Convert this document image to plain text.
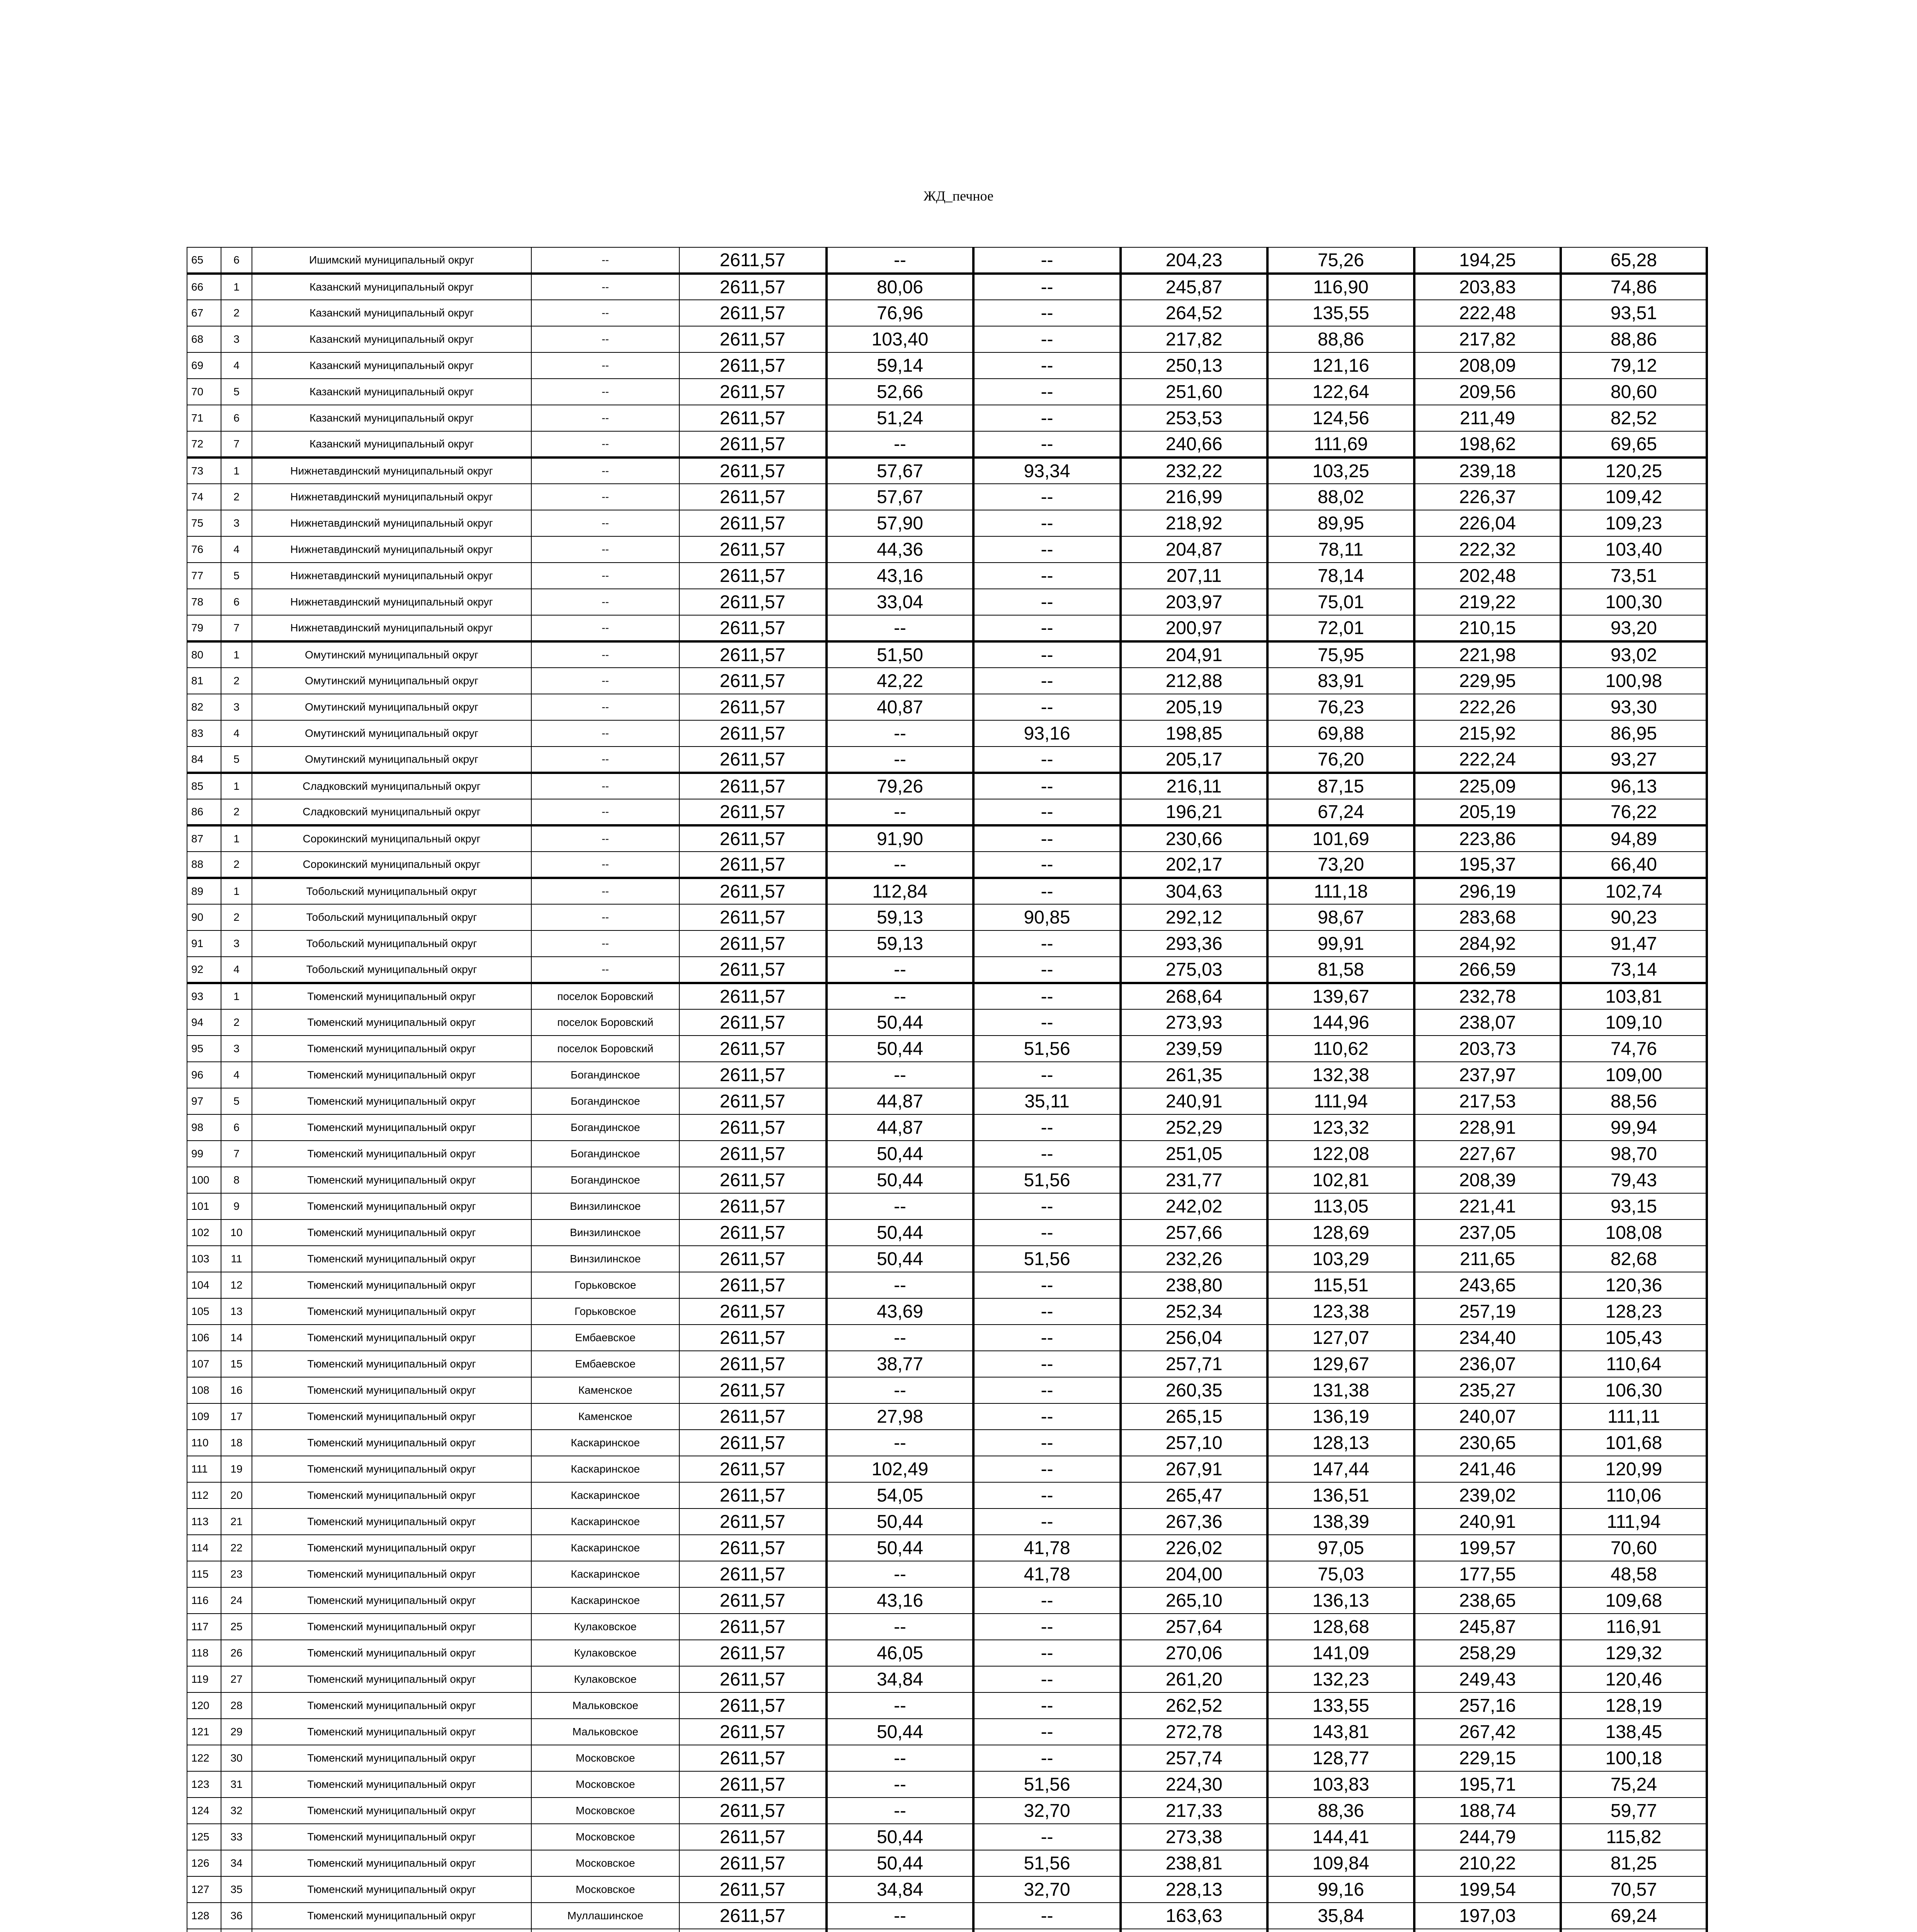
ЖД_печное
65	6	Ишимский муниципальный округ	--	2611,57	--	--	204,23	75,26	194,25	65,28
66	1	Казанский муниципальный округ	--	2611,57	80,06	--	245,87	116,90	203,83	74,86
67	2	Казанский муниципальный округ	--	2611,57	76,96	--	264,52	135,55	222,48	93,51
68	3	Казанский муниципальный округ	--	2611,57	103,40	--	217,82	88,86	217,82	88,86
69	4	Казанский муниципальный округ	--	2611,57	59,14	--	250,13	121,16	208,09	79,12
70	5	Казанский муниципальный округ	--	2611,57	52,66	--	251,60	122,64	209,56	80,60
71	6	Казанский муниципальный округ	--	2611,57	51,24	--	253,53	124,56	211,49	82,52
72	7	Казанский муниципальный округ	--	2611,57	--	--	240,66	111,69	198,62	69,65
73	1	Нижнетавдинский муниципальный округ	--	2611,57	57,67	93,34	232,22	103,25	239,18	120,25
74	2	Нижнетавдинский муниципальный округ	--	2611,57	57,67	--	216,99	88,02	226,37	109,42
75	3	Нижнетавдинский муниципальный округ	--	2611,57	57,90	--	218,92	89,95	226,04	109,23
76	4	Нижнетавдинский муниципальный округ	--	2611,57	44,36	--	204,87	78,11	222,32	103,40
77	5	Нижнетавдинский муниципальный округ	--	2611,57	43,16	--	207,11	78,14	202,48	73,51
78	6	Нижнетавдинский муниципальный округ	--	2611,57	33,04	--	203,97	75,01	219,22	100,30
79	7	Нижнетавдинский муниципальный округ	--	2611,57	--	--	200,97	72,01	210,15	93,20
80	1	Омутинский муниципальный округ	--	2611,57	51,50	--	204,91	75,95	221,98	93,02
81	2	Омутинский муниципальный округ	--	2611,57	42,22	--	212,88	83,91	229,95	100,98
82	3	Омутинский муниципальный округ	--	2611,57	40,87	--	205,19	76,23	222,26	93,30
83	4	Омутинский муниципальный округ	--	2611,57	--	93,16	198,85	69,88	215,92	86,95
84	5	Омутинский муниципальный округ	--	2611,57	--	--	205,17	76,20	222,24	93,27
85	1	Сладковский муниципальный округ	--	2611,57	79,26	--	216,11	87,15	225,09	96,13
86	2	Сладковский муниципальный округ	--	2611,57	--	--	196,21	67,24	205,19	76,22
87	1	Сорокинский муниципальный округ	--	2611,57	91,90	--	230,66	101,69	223,86	94,89
88	2	Сорокинский муниципальный округ	--	2611,57	--	--	202,17	73,20	195,37	66,40
89	1	Тобольский муниципальный округ	--	2611,57	112,84	--	304,63	111,18	296,19	102,74
90	2	Тобольский муниципальный округ	--	2611,57	59,13	90,85	292,12	98,67	283,68	90,23
91	3	Тобольский муниципальный округ	--	2611,57	59,13	--	293,36	99,91	284,92	91,47
92	4	Тобольский муниципальный округ	--	2611,57	--	--	275,03	81,58	266,59	73,14
93	1	Тюменский муниципальный округ	поселок Боровский	2611,57	--	--	268,64	139,67	232,78	103,81
94	2	Тюменский муниципальный округ	поселок Боровский	2611,57	50,44	--	273,93	144,96	238,07	109,10
95	3	Тюменский муниципальный округ	поселок Боровский	2611,57	50,44	51,56	239,59	110,62	203,73	74,76
96	4	Тюменский муниципальный округ	Богандинское	2611,57	--	--	261,35	132,38	237,97	109,00
97	5	Тюменский муниципальный округ	Богандинское	2611,57	44,87	35,11	240,91	111,94	217,53	88,56
98	6	Тюменский муниципальный округ	Богандинское	2611,57	44,87	--	252,29	123,32	228,91	99,94
99	7	Тюменский муниципальный округ	Богандинское	2611,57	50,44	--	251,05	122,08	227,67	98,70
100	8	Тюменский муниципальный округ	Богандинское	2611,57	50,44	51,56	231,77	102,81	208,39	79,43
101	9	Тюменский муниципальный округ	Винзилинское	2611,57	--	--	242,02	113,05	221,41	93,15
102	10	Тюменский муниципальный округ	Винзилинское	2611,57	50,44	--	257,66	128,69	237,05	108,08
103	11	Тюменский муниципальный округ	Винзилинское	2611,57	50,44	51,56	232,26	103,29	211,65	82,68
104	12	Тюменский муниципальный округ	Горьковское	2611,57	--	--	238,80	115,51	243,65	120,36
105	13	Тюменский муниципальный округ	Горьковское	2611,57	43,69	--	252,34	123,38	257,19	128,23
106	14	Тюменский муниципальный округ	Ембаевское	2611,57	--	--	256,04	127,07	234,40	105,43
107	15	Тюменский муниципальный округ	Ембаевское	2611,57	38,77	--	257,71	129,67	236,07	110,64
108	16	Тюменский муниципальный округ	Каменское	2611,57	--	--	260,35	131,38	235,27	106,30
109	17	Тюменский муниципальный округ	Каменское	2611,57	27,98	--	265,15	136,19	240,07	111,11
110	18	Тюменский муниципальный округ	Каскаринское	2611,57	--	--	257,10	128,13	230,65	101,68
111	19	Тюменский муниципальный округ	Каскаринское	2611,57	102,49	--	267,91	147,44	241,46	120,99
112	20	Тюменский муниципальный округ	Каскаринское	2611,57	54,05	--	265,47	136,51	239,02	110,06
113	21	Тюменский муниципальный округ	Каскаринское	2611,57	50,44	--	267,36	138,39	240,91	111,94
114	22	Тюменский муниципальный округ	Каскаринское	2611,57	50,44	41,78	226,02	97,05	199,57	70,60
115	23	Тюменский муниципальный округ	Каскаринское	2611,57	--	41,78	204,00	75,03	177,55	48,58
116	24	Тюменский муниципальный округ	Каскаринское	2611,57	43,16	--	265,10	136,13	238,65	109,68
117	25	Тюменский муниципальный округ	Кулаковское	2611,57	--	--	257,64	128,68	245,87	116,91
118	26	Тюменский муниципальный округ	Кулаковское	2611,57	46,05	--	270,06	141,09	258,29	129,32
119	27	Тюменский муниципальный округ	Кулаковское	2611,57	34,84	--	261,20	132,23	249,43	120,46
120	28	Тюменский муниципальный округ	Мальковское	2611,57	--	--	262,52	133,55	257,16	128,19
121	29	Тюменский муниципальный округ	Мальковское	2611,57	50,44	--	272,78	143,81	267,42	138,45
122	30	Тюменский муниципальный округ	Московское	2611,57	--	--	257,74	128,77	229,15	100,18
123	31	Тюменский муниципальный округ	Московское	2611,57	--	51,56	224,30	103,83	195,71	75,24
124	32	Тюменский муниципальный округ	Московское	2611,57	--	32,70	217,33	88,36	188,74	59,77
125	33	Тюменский муниципальный округ	Московское	2611,57	50,44	--	273,38	144,41	244,79	115,82
126	34	Тюменский муниципальный округ	Московское	2611,57	50,44	51,56	238,81	109,84	210,22	81,25
127	35	Тюменский муниципальный округ	Московское	2611,57	34,84	32,70	228,13	99,16	199,54	70,57
128	36	Тюменский муниципальный округ	Муллашинское	2611,57	--	--	163,63	35,84	197,03	69,24
